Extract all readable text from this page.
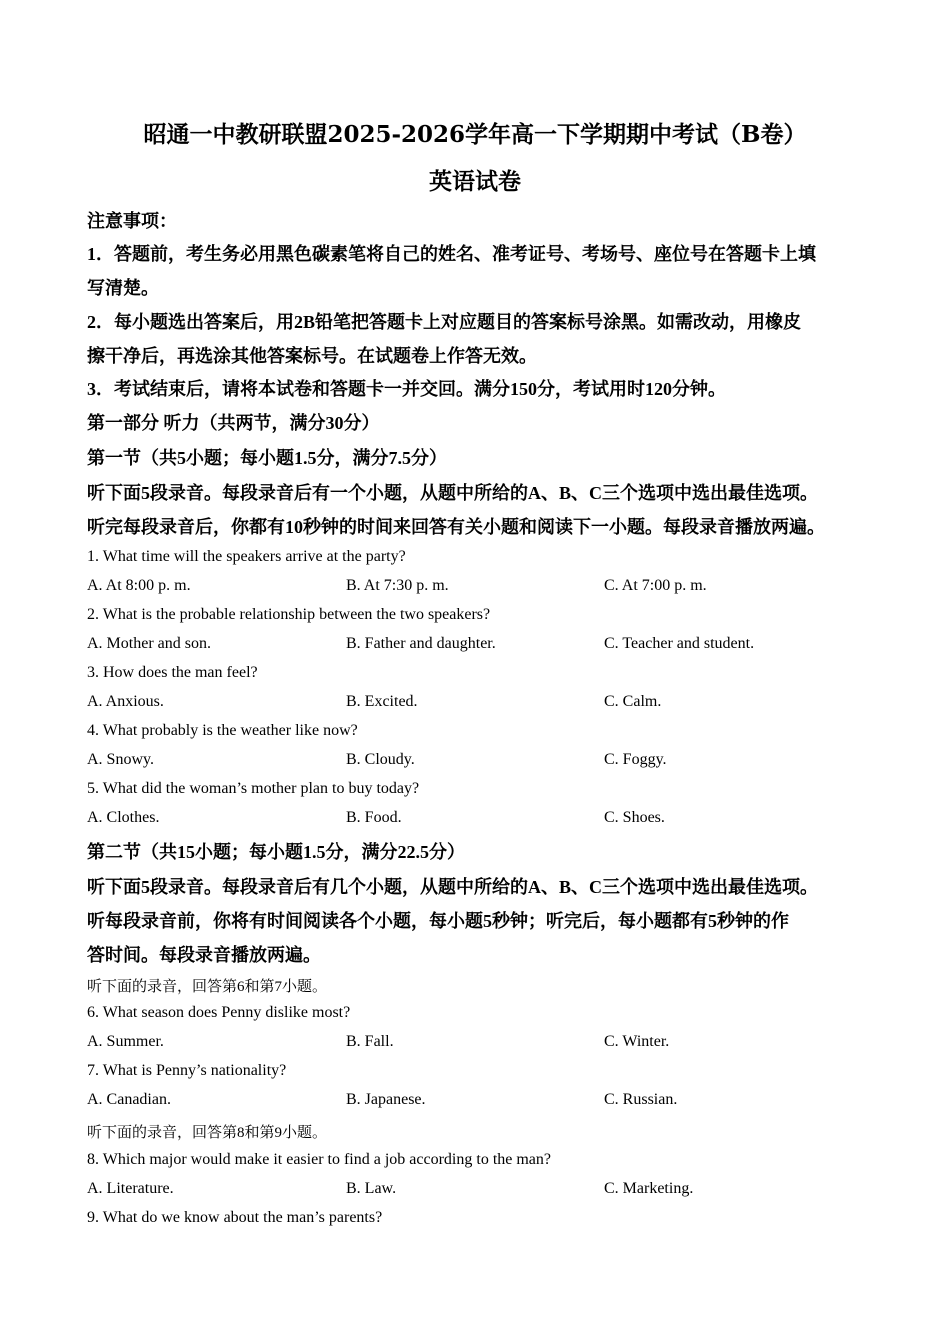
昭通一中教研联盟2025-2026学年高一下学期期中考试（B卷）
英语试卷
注意事项：
1．答题前，考生务必用黑色碳素笔将自己的姓名、准考证号、考场号、座位号在答题卡上填
写清楚。
2．每小题选出答案后，用2B铅笔把答题卡上对应题目的答案标号涂黑。如需改动，用橡皮
擦干净后，再选涂其他答案标号。在试题卷上作答无效。
3．考试结束后，请将本试卷和答题卡一并交回。满分150分，考试用时120分钟。
第一部分 听力（共两节，满分30分）
第一节（共5小题；每小题1.5分，满分7.5分）
听下面5段录音。每段录音后有一个小题，从题中所给的A、B、C三个选项中选出最佳选项。
听完每段录音后，你都有10秒钟的时间来回答有关小题和阅读下一小题。每段录音播放两遍。
1. What time will the speakers arrive at the party?
A. At 8:00 p. m.	B. At 7:30 p. m.	C. At 7:00 p. m.
2. What is the probable relationship between the two speakers?
A. Mother and son.	B. Father and daughter.	C. Teacher and student.
3. How does the man feel?
A. Anxious.	B. Excited.	C. Calm.
4. What probably is the weather like now?
A. Snowy.	B. Cloudy.	C. Foggy.
5. What did the woman’s mother plan to buy today?
A. Clothes.	B. Food.	C. Shoes.
第二节（共15小题；每小题1.5分，满分22.5分）
听下面5段录音。每段录音后有几个小题，从题中所给的A、B、C三个选项中选出最佳选项。
听每段录音前，你将有时间阅读各个小题，每小题5秒钟；听完后，每小题都有5秒钟的作
答时间。每段录音播放两遍。
听下面的录音，回答第6和第7小题。
6. What season does Penny dislike most?
A. Summer.	B. Fall.	C. Winter.
7. What is Penny’s nationality?
A. Canadian.	B. Japanese.	C. Russian.
听下面的录音，回答第8和第9小题。
8. Which major would make it easier to find a job according to the man?
A. Literature.	B. Law.	C. Marketing.
9. What do we know about the man’s parents?
